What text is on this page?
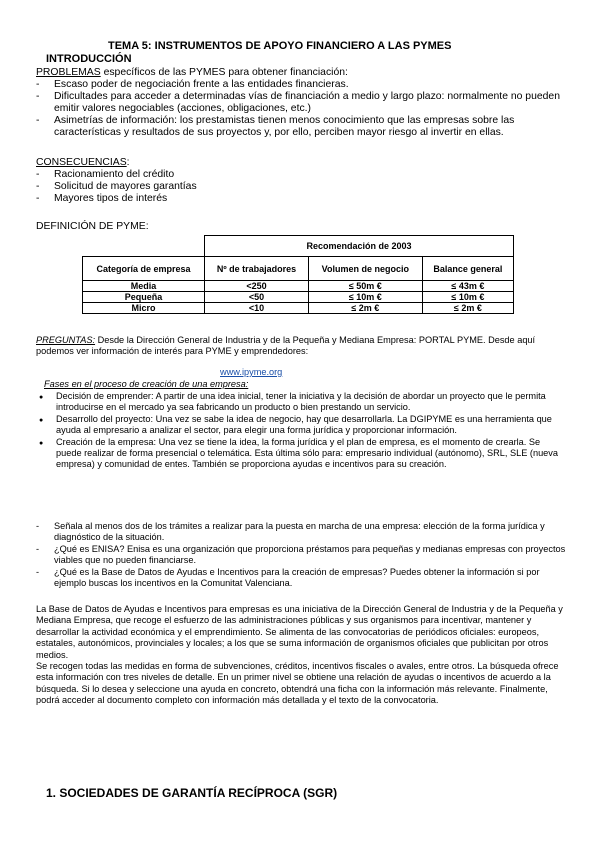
TEMA 5: INSTRUMENTOS DE APOYO FINANCIERO A LAS PYMES
INTRODUCCIÓN
PROBLEMAS específicos de las PYMES para obtener financiación:
- Escaso poder de negociación frente a las entidades financieras.
- Dificultades para acceder a determinadas vías de financiación a medio y largo plazo: normalmente no pueden emitir valores negociables (acciones, obligaciones, etc.)
- Asimetrías de información: los prestamistas tienen menos conocimiento que las empresas sobre las características y resultados de sus proyectos y, por ello, perciben mayor riesgo al invertir en ellas.
CONSECUENCIAS:
- Racionamiento del crédito
- Solicitud de mayores garantías
- Mayores tipos de interés
DEFINICIÓN DE PYME:
	Recomendación de 2003		
Categoría de empresa	Nº de trabajadores	Volumen de negocio	Balance general
Media	<250	≤ 50m €	≤ 43m €
Pequeña	<50	≤ 10m €	≤ 10m €
Micro	<10	≤ 2m €	≤ 2m €
PREGUNTAS: Desde la Dirección General de Industria y de la Pequeña y Mediana Empresa: PORTAL PYME. Desde aquí podemos ver información de interés para PYME y emprendedores:
www.ipyme.org
Fases en el proceso de creación de una empresa:
● Decisión de emprender: A partir de una idea inicial, tener la iniciativa y la decisión de abordar un proyecto que le permita introducirse en el mercado ya sea fabricando un producto o bien prestando un servicio.
● Desarrollo del proyecto: Una vez se sabe la idea de negocio, hay que desarrollarla. La DGIPYME es una herramienta que ayuda al empresario a analizar el sector, para elegir una forma jurídica y proporcionar información.
● Creación de la empresa: Una vez se tiene la idea, la forma jurídica y el plan de empresa, es el momento de crearla. Se puede realizar de forma presencial o telemática. Esta última sólo para: empresario individual (autónomo), SRL, SLE (nueva empresa) y comunidad de entes. También se proporciona ayudas e incentivos para su creación.
- Señala al menos dos de los trámites a realizar para la puesta en marcha de una empresa: elección de la forma jurídica y diagnóstico de la situación.
- ¿Qué es ENISA? Enisa es una organización que proporciona préstamos para pequeñas y medianas empresas con proyectos viables que no pueden financiarse.
- ¿Qué es la Base de Datos de Ayudas e Incentivos para la creación de empresas? Puedes obtener la información si por ejemplo buscas los incentivos en la Comunitat Valenciana.
La Base de Datos de Ayudas e Incentivos para empresas es una iniciativa de la Dirección General de Industria y de la Pequeña y Mediana Empresa, que recoge el esfuerzo de las administraciones públicas y sus organismos para incentivar, mantener y desarrollar la actividad económica y el emprendimiento. Se alimenta de las convocatorias de periódicos oficiales: europeos, estatales, autonómicos, provinciales y locales; a los que se suma información de organismos oficiales que publicitan por otros medios.
Se recogen todas las medidas en forma de subvenciones, créditos, incentivos fiscales o avales, entre otros. La búsqueda ofrece esta información con tres niveles de detalle. En un primer nivel se obtiene una relación de ayudas o incentivos de acuerdo a la búsqueda. Si lo desea y seleccione una ayuda en concreto, obtendrá una ficha con la información más relevante. Finalmente, podrá acceder al documento completo con información más detallada y el texto de la convocatoria.
1. SOCIEDADES DE GARANTÍA RECÍPROCA (SGR)
